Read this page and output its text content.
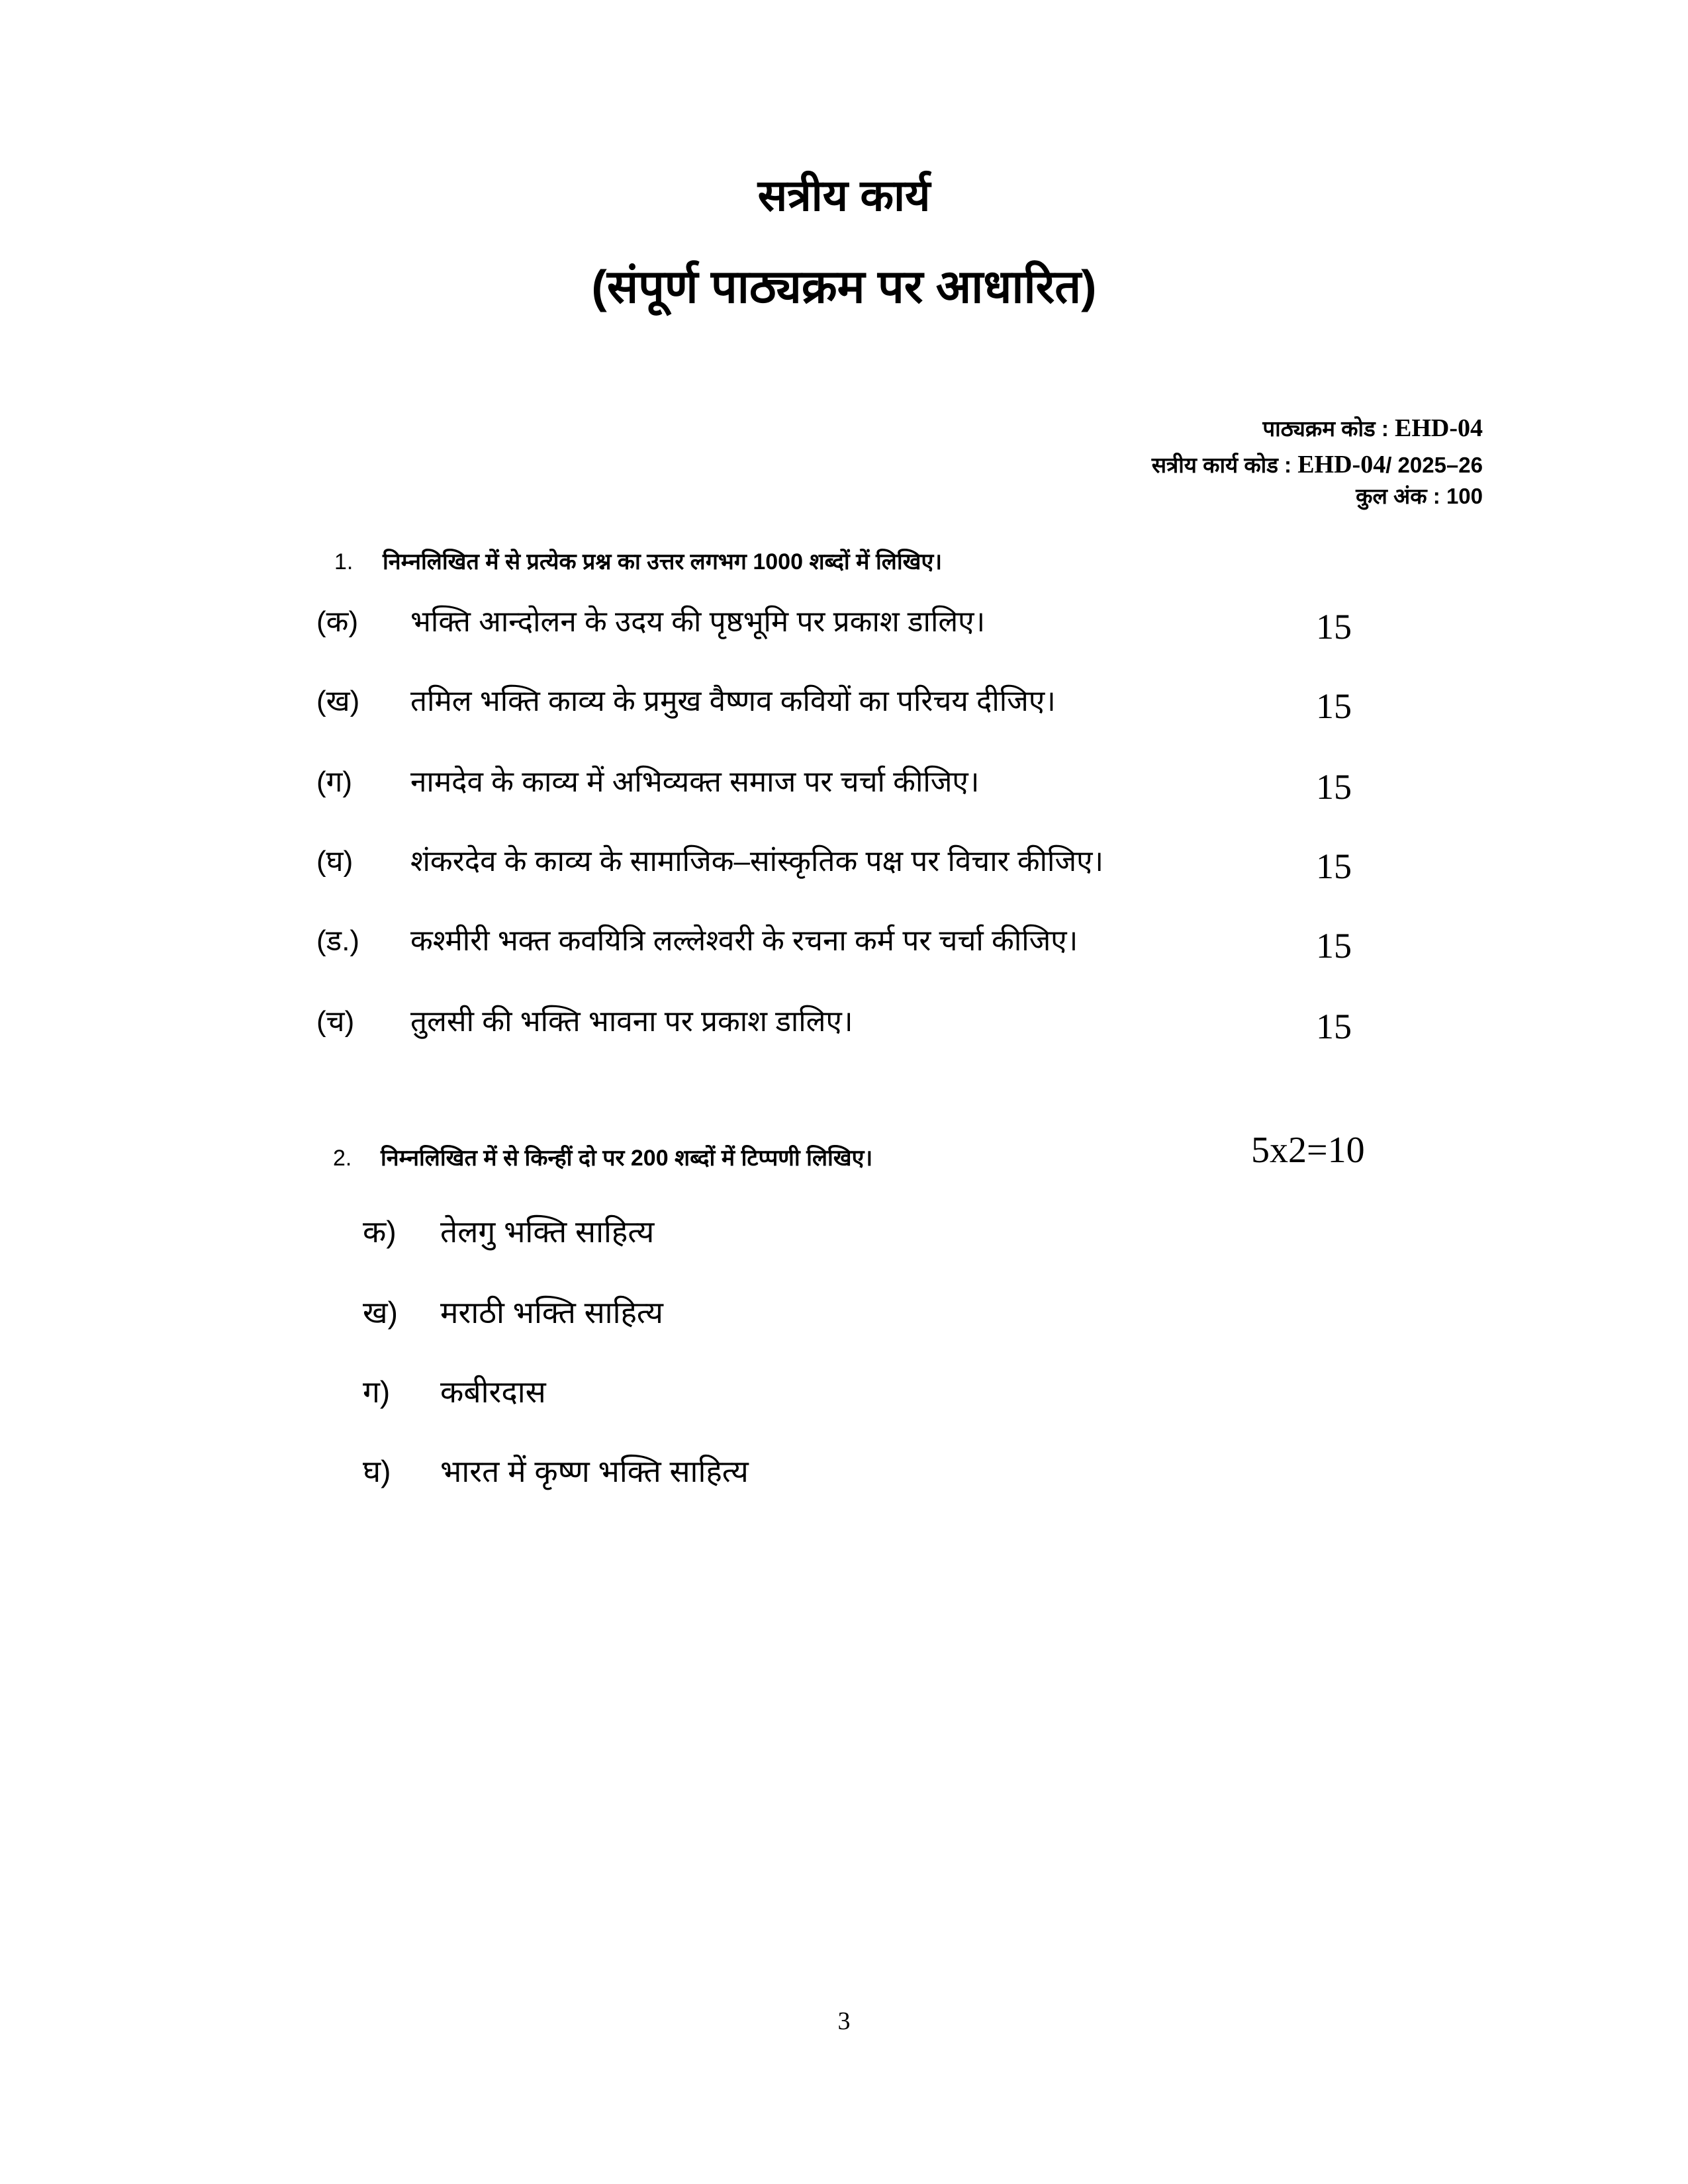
सत्रीय कार्य
(संपूर्ण पाठ्यक्रम पर आधारित)
पाठ्यक्रम कोड : EHD-04
सत्रीय कार्य कोड : EHD-04/ 2025–26
कुल अंक : 100
1. निम्नलिखित में से प्रत्येक प्रश्न का उत्तर लगभग 1000 शब्दों में लिखिए।
(क) भक्ति आन्दोलन के उदय की पृष्ठभूमि पर प्रकाश डालिए।	15
(ख) तमिल भक्ति काव्य के प्रमुख वैष्णव कवियों का परिचय दीजिए।	15
(ग) नामदेव के काव्य में अभिव्यक्त समाज पर चर्चा कीजिए।	15
(घ) शंकरदेव के काव्य के सामाजिक–सांस्कृतिक पक्ष पर विचार कीजिए।	15
(ड.) कश्मीरी भक्त कवयित्रि लल्लेश्वरी के रचना कर्म पर चर्चा कीजिए।	15
(च) तुलसी की भक्ति भावना पर प्रकाश डालिए।	15
2. निम्नलिखित में से किन्हीं दो पर 200 शब्दों में टिप्पणी लिखिए।	5x2=10
क) तेलगु भक्ति साहित्य
ख) मराठी भक्ति साहित्य
ग) कबीरदास
घ) भारत में कृष्ण भक्ति साहित्य
3
